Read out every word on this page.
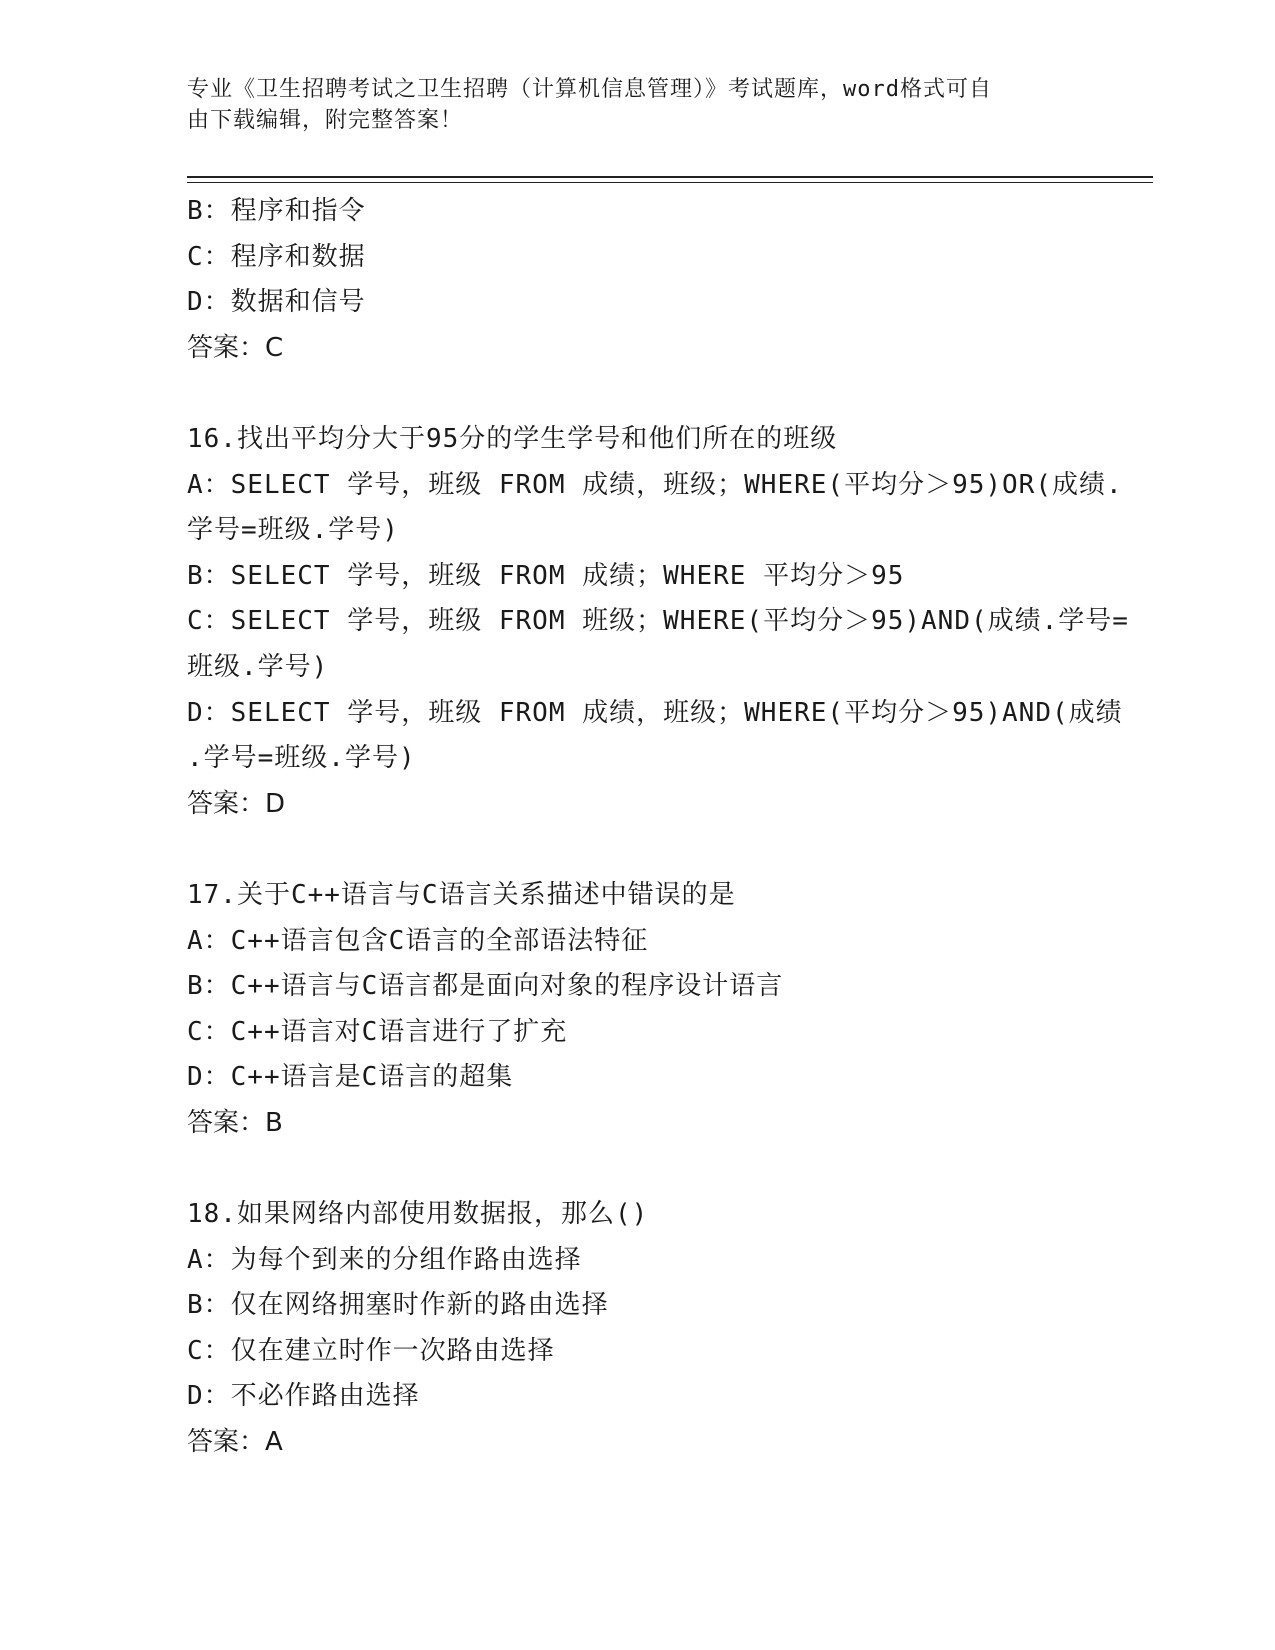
专业《卫生招聘考试之卫生招聘（计算机信息管理）》考试题库，word格式可自
由下载编辑，附完整答案！
B：程序和指令
C：程序和数据
D：数据和信号
答案：C
16.找出平均分大于95分的学生学号和他们所在的班级
A：SELECT 学号，班级 FROM 成绩，班级；WHERE(平均分＞95)OR(成绩.
学号=班级.学号)
B：SELECT 学号，班级 FROM 成绩；WHERE 平均分＞95
C：SELECT 学号，班级 FROM 班级；WHERE(平均分＞95)AND(成绩.学号=
班级.学号)
D：SELECT 学号，班级 FROM 成绩，班级；WHERE(平均分＞95)AND(成绩
.学号=班级.学号)
答案：D
17.关于C++语言与C语言关系描述中错误的是
A：C++语言包含C语言的全部语法特征
B：C++语言与C语言都是面向对象的程序设计语言
C：C++语言对C语言进行了扩充
D：C++语言是C语言的超集
答案：B
18.如果网络内部使用数据报，那么()
A：为每个到来的分组作路由选择
B：仅在网络拥塞时作新的路由选择
C：仅在建立时作一次路由选择
D：不必作路由选择
答案：A
